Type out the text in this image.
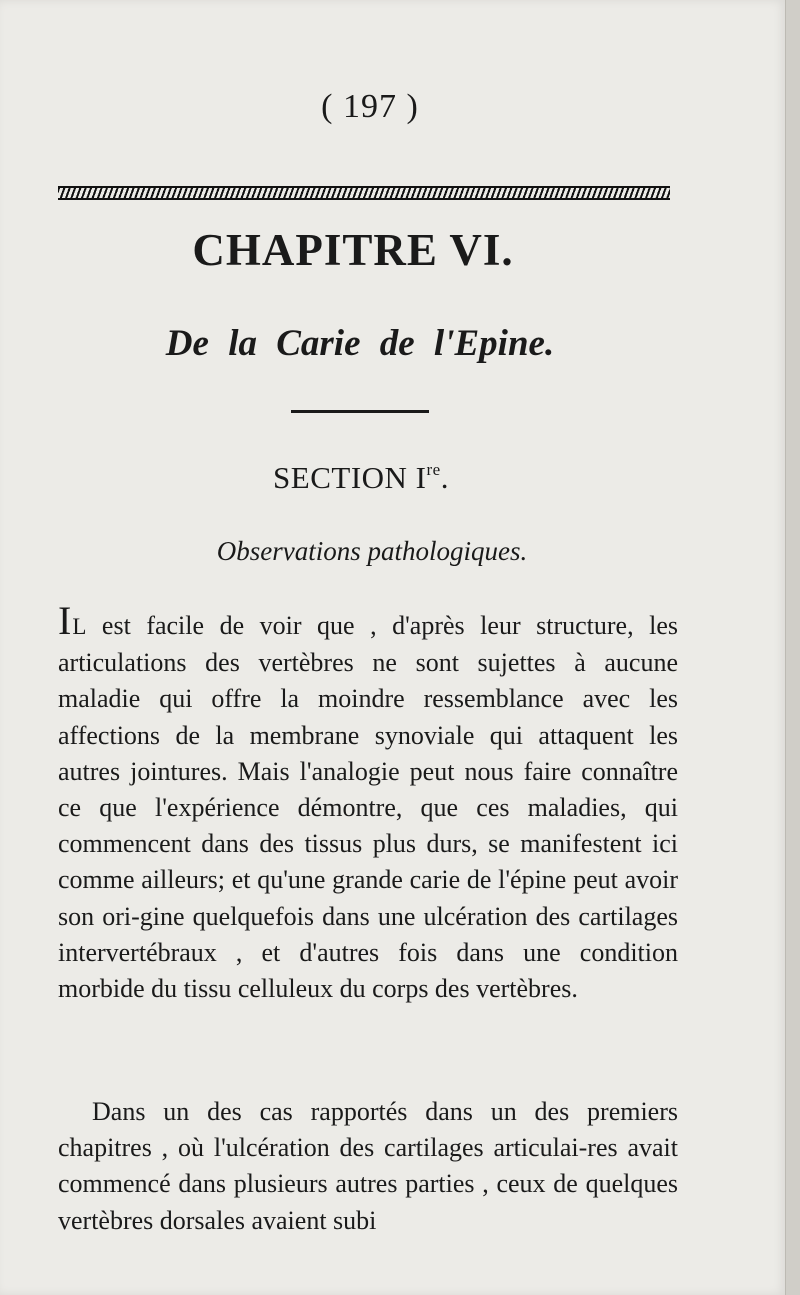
( 197 )
CHAPITRE VI.
De la Carie de l'Epine.
SECTION Ire.
Observations pathologiques.

IL est facile de voir que , d'après leur structure, les articulations des vertèbres ne sont sujettes à aucune maladie qui offre la moindre ressemblance avec les affections de la membrane synoviale qui attaquent les autres jointures. Mais l'analogie peut nous faire connaître ce que l'expérience démontre, que ces maladies, qui commencent dans des tissus plus durs, se manifestent ici comme ailleurs; et qu'une grande carie de l'épine peut avoir son ori-gine quelquefois dans une ulcération des cartilages intervertébraux , et d'autres fois dans une condition morbide du tissu celluleux du corps des vertèbres.

Dans un des cas rapportés dans un des premiers chapitres , où l'ulcération des cartilages articulai-res avait commencé dans plusieurs autres parties , ceux de quelques vertèbres dorsales avaient subi
